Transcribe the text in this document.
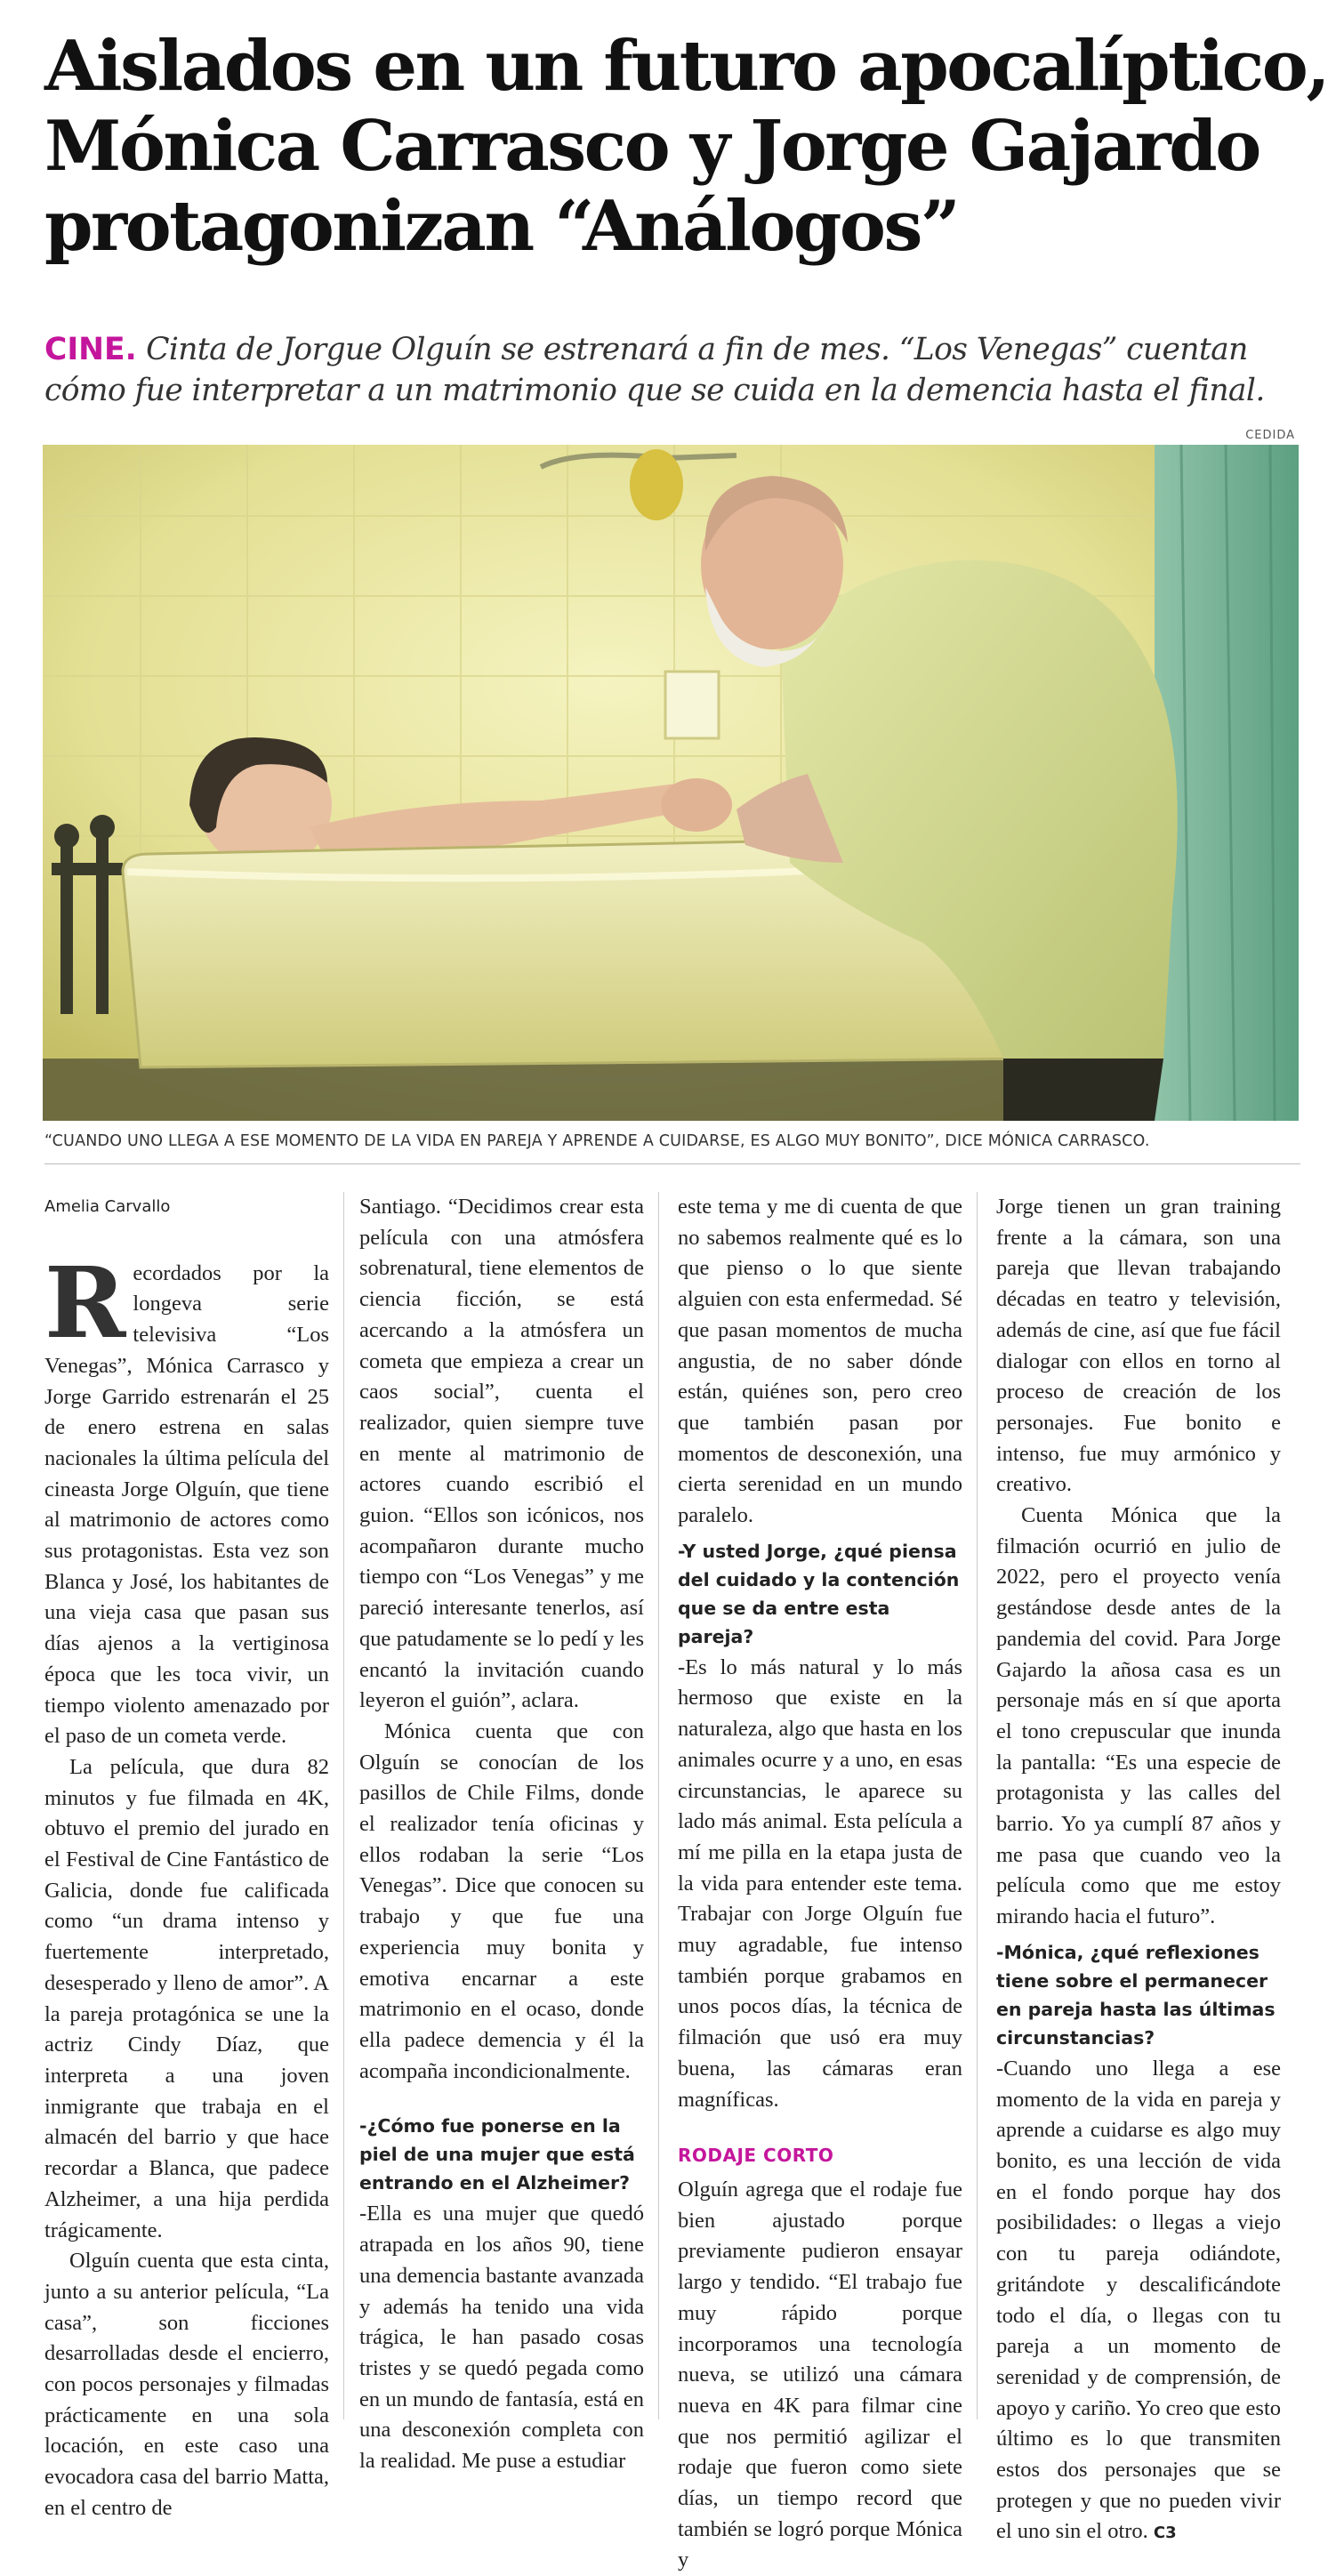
Aislados en un futuro apocalíptico,
Mónica Carrasco y Jorge Gajardo
protagonizan “Análogos”
CINE. Cinta de Jorgue Olguín se estrenará a fin de mes. “Los Venegas” cuentan
cómo fue interpretar a un matrimonio que se cuida en la demencia hasta el final.
CEDIDA
“CUANDO UNO LLEGA A ESE MOMENTO DE LA VIDA EN PAREJA Y APRENDE A CUIDARSE, ES ALGO MUY BONITO”, DICE MÓNICA CARRASCO.
Amelia Carvallo

Recordados por la longeva serie televisiva “Los Venegas”, Mónica Carrasco y Jorge Garrido estrenarán el 25 de enero estrena en salas nacionales la última película del cineasta Jorge Olguín, que tiene al matrimonio de actores como sus protagonistas. Esta vez son Blanca y José, los habitantes de una vieja casa que pasan sus días ajenos a la vertiginosa época que les toca vivir, un tiempo violento amenazado por el paso de un cometa verde.

La película, que dura 82 minutos y fue filmada en 4K, obtuvo el premio del jurado en el Festival de Cine Fantástico de Galicia, donde fue calificada como “un drama intenso y fuertemente interpretado, desesperado y lleno de amor”. A la pareja protagónica se une la actriz Cindy Díaz, que interpreta a una joven inmigrante que trabaja en el almacén del barrio y que hace recordar a Blanca, que padece Alzheimer, a una hija perdida trágicamente.

Olguín cuenta que esta cinta, junto a su anterior película, “La casa”, son ficciones desarrolladas desde el encierro, con pocos personajes y filmadas prácticamente en una sola locación, en este caso una evocadora casa del barrio Matta, en el centro de

Santiago. “Decidimos crear esta película con una atmósfera sobrenatural, tiene elementos de ciencia ficción, se está acercando a la atmósfera un cometa que empieza a crear un caos social”, cuenta el realizador, quien siempre tuve en mente al matrimonio de actores cuando escribió el guion. “Ellos son icónicos, nos acompañaron durante mucho tiempo con “Los Venegas” y me pareció interesante tenerlos, así que patudamente se lo pedí y les encantó la invitación cuando leyeron el guión”, aclara.

Mónica cuenta que con Olguín se conocían de los pasillos de Chile Films, donde el realizador tenía oficinas y ellos rodaban la serie “Los Venegas”. Dice que conocen su trabajo y que fue una experiencia muy bonita y emotiva encarnar a este matrimonio en el ocaso, donde ella padece demencia y él la acompaña incondicionalmente.

-¿Cómo fue ponerse en la piel de una mujer que está entrando en el Alzheimer?

-Ella es una mujer que quedó atrapada en los años 90, tiene una demencia bastante avanzada y además ha tenido una vida trágica, le han pasado cosas tristes y se quedó pegada como en un mundo de fantasía, está en una desconexión completa con la realidad. Me puse a estudiar

este tema y me di cuenta de que no sabemos realmente qué es lo que pienso o lo que siente alguien con esta enfermedad. Sé que pasan momentos de mucha angustia, de no saber dónde están, quiénes son, pero creo que también pasan por momentos de desconexión, una cierta serenidad en un mundo paralelo.

-Y usted Jorge, ¿qué piensa del cuidado y la contención que se da entre esta pareja?

-Es lo más natural y lo más hermoso que existe en la naturaleza, algo que hasta en los animales ocurre y a uno, en esas circunstancias, le aparece su lado más animal. Esta película a mí me pilla en la etapa justa de la vida para entender este tema. Trabajar con Jorge Olguín fue muy agradable, fue intenso también porque grabamos en unos pocos días, la técnica de filmación que usó era muy buena, las cámaras eran magníficas.

RODAJE CORTO

Olguín agrega que el rodaje fue bien ajustado porque previamente pudieron ensayar largo y tendido. “El trabajo fue muy rápido porque incorporamos una tecnología nueva, se utilizó una cámara nueva en 4K para filmar cine que nos permitió agilizar el rodaje que fueron como siete días, un tiempo record que también se logró porque Mónica y

Jorge tienen un gran training frente a la cámara, son una pareja que llevan trabajando décadas en teatro y televisión, además de cine, así que fue fácil dialogar con ellos en torno al proceso de creación de los personajes. Fue bonito e intenso, fue muy armónico y creativo.

Cuenta Mónica que la filmación ocurrió en julio de 2022, pero el proyecto venía gestándose desde antes de la pandemia del covid. Para Jorge Gajardo la añosa casa es un personaje más en sí que aporta el tono crepuscular que inunda la pantalla: “Es una especie de protagonista y las calles del barrio. Yo ya cumplí 87 años y me pasa que cuando veo la película como que me estoy mirando hacia el futuro”.

-Mónica, ¿qué reflexiones tiene sobre el permanecer en pareja hasta las últimas circunstancias?

-Cuando uno llega a ese momento de la vida en pareja y aprende a cuidarse es algo muy bonito, es una lección de vida en el fondo porque hay dos posibilidades: o llegas a viejo con tu pareja odiándote, gritándote y descalificándote todo el día, o llegas con tu pareja a un momento de serenidad y de comprensión, de apoyo y cariño. Yo creo que esto último es lo que transmiten estos dos personajes que se protegen y que no pueden vivir el uno sin el otro. C3
